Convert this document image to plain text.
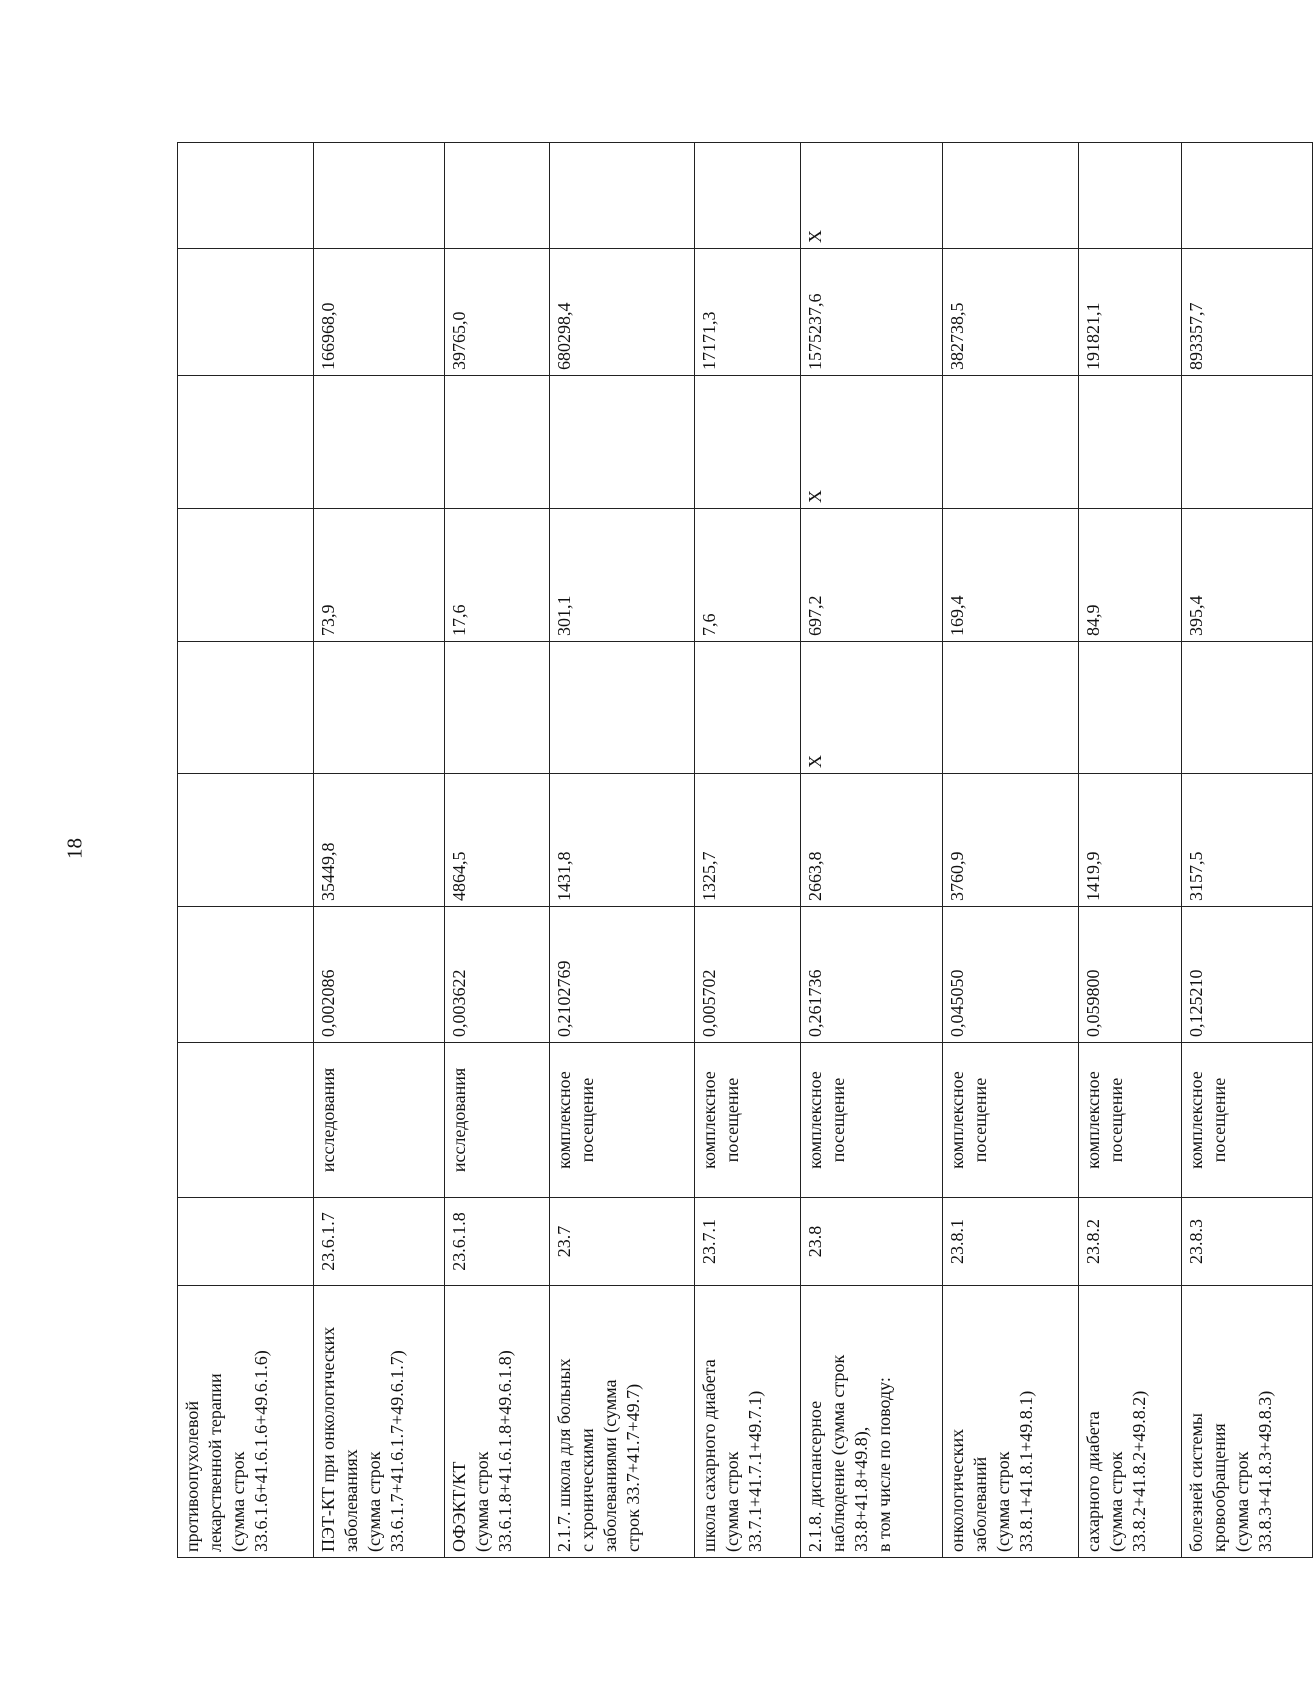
18
противоопухолевой лекарственной терапии (сумма строк 33.6.1.6+41.6.1.6+49.6.1.6)									

ПЭТ-КТ при онкологических заболеваниях (сумма строк 33.6.1.7+41.6.1.7+49.6.1.7)	23.6.1.7	исследования	0,002086	35449,8		73,9		166968,0	

ОФЭКТ/КТ (сумма строк 33.6.1.8+41.6.1.8+49.6.1.8)	23.6.1.8	исследования	0,003622	4864,5		17,6		39765,0	

2.1.7. школа для больных с хроническими заболеваниями (сумма строк 33.7+41.7+49.7)	23.7	комплексное посещение	0,2102769	1431,8		301,1		680298,4	

школа сахарного диабета (сумма строк 33.7.1+41.7.1+49.7.1)	23.7.1	комплексное посещение	0,005702	1325,7		7,6		17171,3	

2.1.8. диспансерное наблюдение (сумма строк 33.8+41.8+49.8), в том числе по поводу:	23.8	комплексное посещение	0,261736	2663,8	X	697,2	X	1575237,6	X

онкологических заболеваний (сумма строк 33.8.1+41.8.1+49.8.1)	23.8.1	комплексное посещение	0,045050	3760,9		169,4		382738,5	

сахарного диабета (сумма строк 33.8.2+41.8.2+49.8.2)	23.8.2	комплексное посещение	0,059800	1419,9		84,9		191821,1	

болезней системы кровообращения (сумма строк 33.8.3+41.8.3+49.8.3)	23.8.3	комплексное посещение	0,125210	3157,5		395,4		893357,7	
